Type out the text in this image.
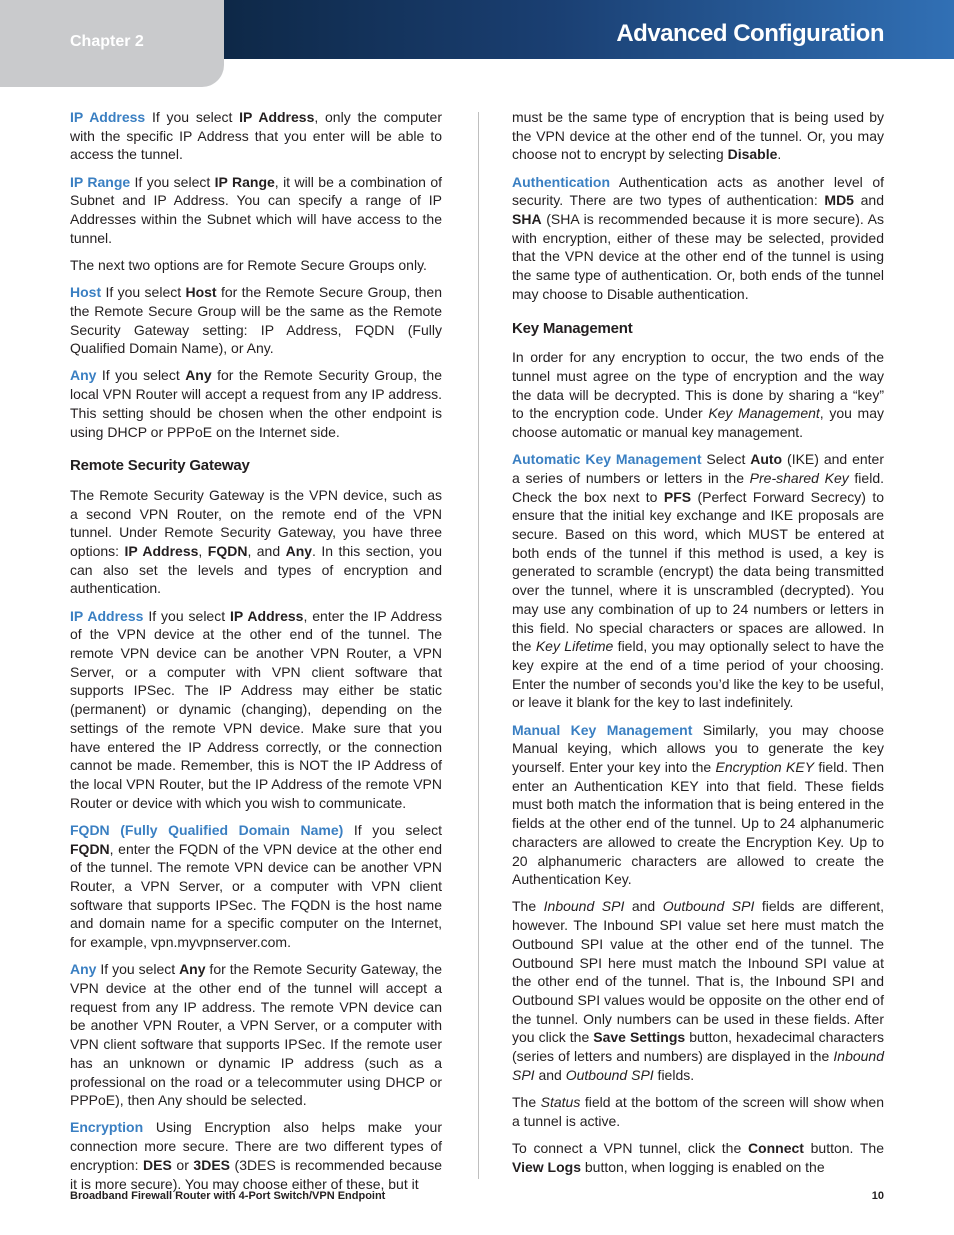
Chapter 2	Advanced Configuration

IP Address If you select IP Address, only the computer with the specific IP Address that you enter will be able to access the tunnel.

IP Range If you select IP Range, it will be a combination of Subnet and IP Address. You can specify a range of IP Addresses within the Subnet which will have access to the tunnel.

The next two options are for Remote Secure Groups only.

Host If you select Host for the Remote Secure Group, then the Remote Secure Group will be the same as the Remote Security Gateway setting: IP Address, FQDN (Fully Qualified Domain Name), or Any.

Any If you select Any for the Remote Security Group, the local VPN Router will accept a request from any IP address. This setting should be chosen when the other endpoint is using DHCP or PPPoE on the Internet side.

Remote Security Gateway

The Remote Security Gateway is the VPN device, such as a second VPN Router, on the remote end of the VPN tunnel. Under Remote Security Gateway, you have three options: IP Address, FQDN, and Any. In this section, you can also set the levels and types of encryption and authentication.

IP Address If you select IP Address, enter the IP Address of the VPN device at the other end of the tunnel. The remote VPN device can be another VPN Router, a VPN Server, or a computer with VPN client software that supports IPSec. The IP Address may either be static (permanent) or dynamic (changing), depending on the settings of the remote VPN device. Make sure that you have entered the IP Address correctly, or the connection cannot be made. Remember, this is NOT the IP Address of the local VPN Router, but the IP Address of the remote VPN Router or device with which you wish to communicate.

FQDN (Fully Qualified Domain Name) If you select FQDN, enter the FQDN of the VPN device at the other end of the tunnel. The remote VPN device can be another VPN Router, a VPN Server, or a computer with VPN client software that supports IPSec. The FQDN is the host name and domain name for a specific computer on the Internet, for example, vpn.myvpnserver.com.

Any If you select Any for the Remote Security Gateway, the VPN device at the other end of the tunnel will accept a request from any IP address. The remote VPN device can be another VPN Router, a VPN Server, or a computer with VPN client software that supports IPSec. If the remote user has an unknown or dynamic IP address (such as a professional on the road or a telecommuter using DHCP or PPPoE), then Any should be selected.

Encryption Using Encryption also helps make your connection more secure. There are two different types of encryption: DES or 3DES (3DES is recommended because it is more secure). You may choose either of these, but it

must be the same type of encryption that is being used by the VPN device at the other end of the tunnel. Or, you may choose not to encrypt by selecting Disable.

Authentication Authentication acts as another level of security. There are two types of authentication: MD5 and SHA (SHA is recommended because it is more secure). As with encryption, either of these may be selected, provided that the VPN device at the other end of the tunnel is using the same type of authentication. Or, both ends of the tunnel may choose to Disable authentication.

Key Management

In order for any encryption to occur, the two ends of the tunnel must agree on the type of encryption and the way the data will be decrypted. This is done by sharing a “key” to the encryption code. Under Key Management, you may choose automatic or manual key management.

Automatic Key Management Select Auto (IKE) and enter a series of numbers or letters in the Pre-shared Key field. Check the box next to PFS (Perfect Forward Secrecy) to ensure that the initial key exchange and IKE proposals are secure. Based on this word, which MUST be entered at both ends of the tunnel if this method is used, a key is generated to scramble (encrypt) the data being transmitted over the tunnel, where it is unscrambled (decrypted). You may use any combination of up to 24 numbers or letters in this field. No special characters or spaces are allowed. In the Key Lifetime field, you may optionally select to have the key expire at the end of a time period of your choosing. Enter the number of seconds you’d like the key to be useful, or leave it blank for the key to last indefinitely.

Manual Key Management Similarly, you may choose Manual keying, which allows you to generate the key yourself. Enter your key into the Encryption KEY field. Then enter an Authentication KEY into that field. These fields must both match the information that is being entered in the fields at the other end of the tunnel. Up to 24 alphanumeric characters are allowed to create the Encryption Key. Up to 20 alphanumeric characters are allowed to create the Authentication Key.

The Inbound SPI and Outbound SPI fields are different, however. The Inbound SPI value set here must match the Outbound SPI value at the other end of the tunnel. The Outbound SPI here must match the Inbound SPI value at the other end of the tunnel. That is, the Inbound SPI and Outbound SPI values would be opposite on the other end of the tunnel. Only numbers can be used in these fields. After you click the Save Settings button, hexadecimal characters (series of letters and numbers) are displayed in the Inbound SPI and Outbound SPI fields.

The Status field at the bottom of the screen will show when a tunnel is active.

To connect a VPN tunnel, click the Connect button. The View Logs button, when logging is enabled on the

Broadband Firewall Router with 4-Port Switch/VPN Endpoint	10
